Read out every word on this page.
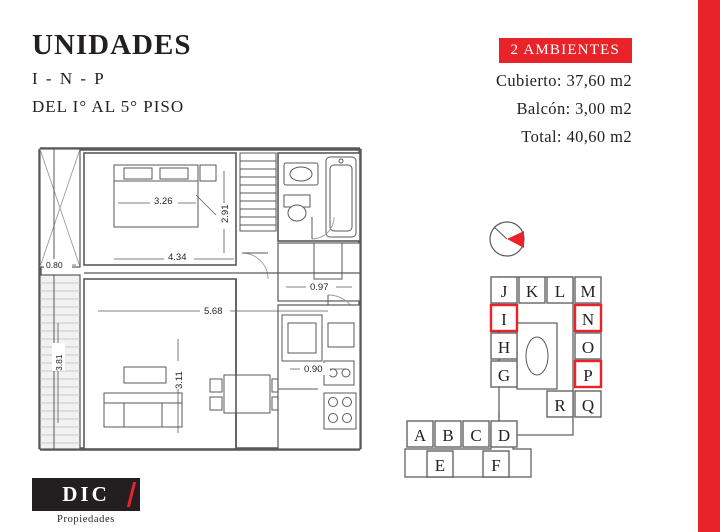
UNIDADES
I - N - P
DEL I° AL 5° PISO
2 AMBIENTES
Cubierto: 37,60 m2
Balcón: 3,00 m2
Total: 40,60 m2
3.26
2.91
4.34
0.97
0.80
5.68
3.81
3.11
0.90
J K L M
I
H
G
N
O
P
R Q
A B C D
E	F
DIC
Propiedades
